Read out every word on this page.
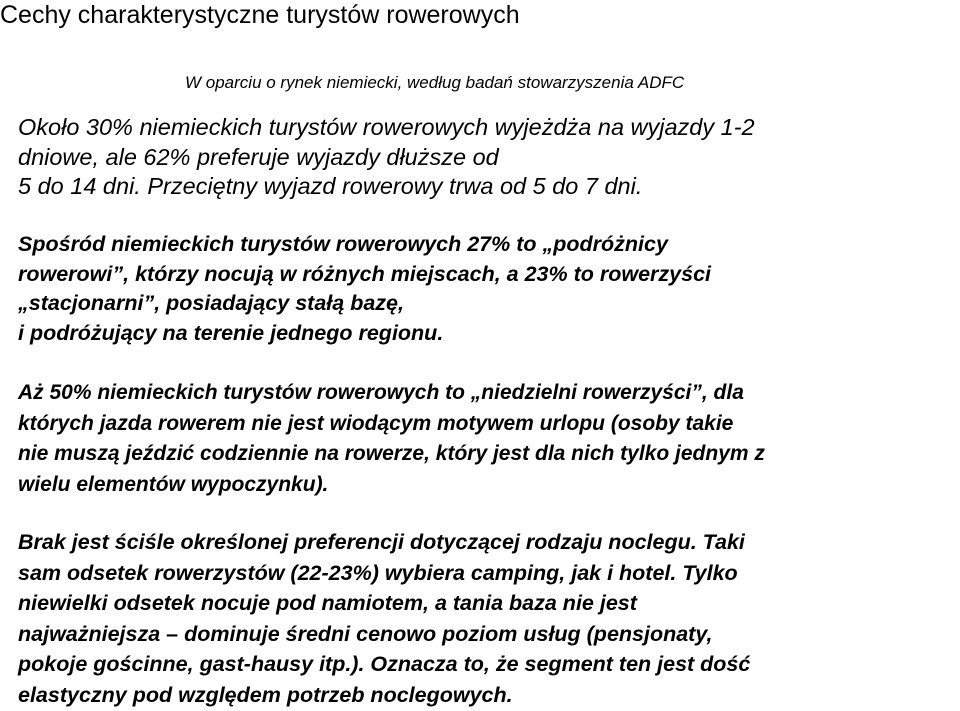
Cechy charakterystyczne turystów rowerowych
W oparciu o rynek niemiecki, według badań stowarzyszenia ADFC
Około 30% niemieckich turystów rowerowych wyjeżdża na wyjazdy 1-2
dniowe, ale 62% preferuje wyjazdy dłuższe od
5 do 14 dni. Przeciętny wyjazd rowerowy trwa od 5 do 7 dni.
Spośród niemieckich turystów rowerowych 27% to „podróżnicy
rowerowi”, którzy nocują w różnych miejscach, a 23% to rowerzyści
„stacjonarni”, posiadający stałą bazę,
i podróżujący na terenie jednego regionu.
Aż 50% niemieckich turystów rowerowych to „niedzielni rowerzyści”, dla
których jazda rowerem nie jest wiodącym motywem urlopu (osoby takie
nie muszą jeździć codziennie na rowerze, który jest dla nich tylko jednym z
wielu elementów wypoczynku).
Brak jest ściśle określonej preferencji dotyczącej rodzaju noclegu. Taki
sam odsetek rowerzystów (22-23%) wybiera camping, jak i hotel. Tylko
niewielki odsetek nocuje pod namiotem, a tania baza nie jest
najważniejsza – dominuje średni cenowo poziom usług (pensjonaty,
pokoje gościnne, gast-hausy itp.). Oznacza to, że segment ten jest dość
elastyczny pod względem potrzeb noclegowych.
